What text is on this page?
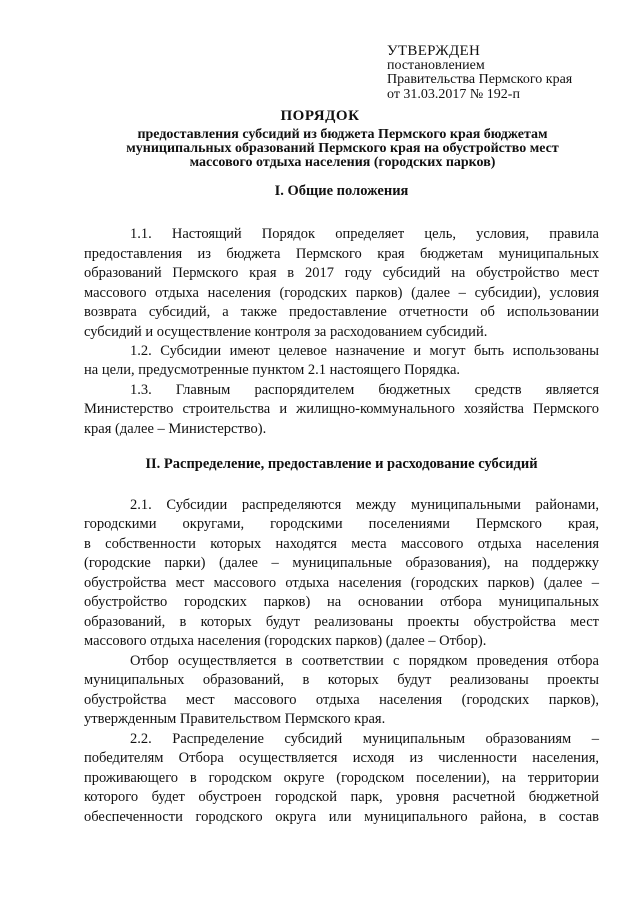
УТВЕРЖДЕН
постановлением
Правительства Пермского края
от 31.03.2017 № 192-п
ПОРЯДОК
предоставления субсидий из бюджета Пермского края бюджетам
муниципальных образований Пермского края на обустройство мест
массового отдыха населения (городских парков)
I. Общие положения
1.1. Настоящий Порядок определяет цель, условия, правила
предоставления из бюджета Пермского края бюджетам муниципальных
образований Пермского края в 2017 году субсидий на обустройство мест
массового отдыха населения (городских парков) (далее – субсидии), условия
возврата субсидий, а также предоставление отчетности об использовании
субсидий и осуществление контроля за расходованием субсидий.
1.2. Субсидии имеют целевое назначение и могут быть использованы
на цели, предусмотренные пунктом 2.1 настоящего Порядка.
1.3. Главным распорядителем бюджетных средств является
Министерство строительства и жилищно-коммунального хозяйства Пермского
края (далее – Министерство).
II. Распределение, предоставление и расходование субсидий
2.1. Субсидии распределяются между муниципальными районами,
городскими округами, городскими поселениями Пермского края,
в собственности которых находятся места массового отдыха населения
(городские парки) (далее – муниципальные образования), на поддержку
обустройства мест массового отдыха населения (городских парков) (далее –
обустройство городских парков) на основании отбора муниципальных
образований, в которых будут реализованы проекты обустройства мест
массового отдыха населения (городских парков) (далее – Отбор).
Отбор осуществляется в соответствии с порядком проведения отбора
муниципальных образований, в которых будут реализованы проекты
обустройства мест массового отдыха населения (городских парков),
утвержденным Правительством Пермского края.
2.2. Распределение субсидий муниципальным образованиям –
победителям Отбора осуществляется исходя из численности населения,
проживающего в городском округе (городском поселении), на территории
которого будет обустроен городской парк, уровня расчетной бюджетной
обеспеченности городского округа или муниципального района, в состав
